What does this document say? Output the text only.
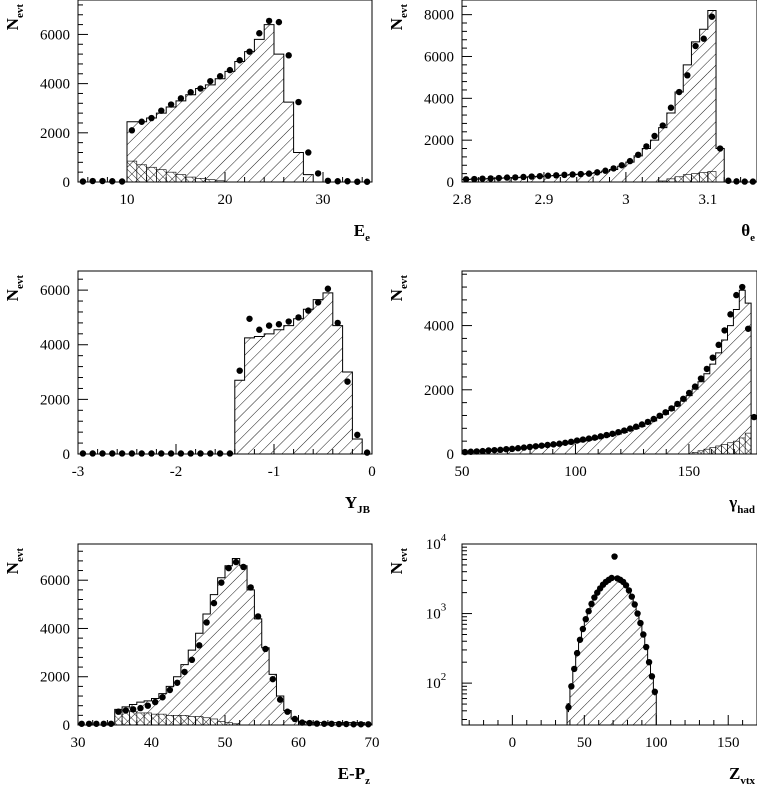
10	20	30
0
2000
4000
6000
$E_e$
$N_{evt}$
2.8	2.9	3	3.1
0
2000
4000
6000
8000
$\theta_e$
$N_{evt}$
-3	-2	-1	0
0
2000
4000
6000
$Y_{JB}$
$N_{evt}$
50	100	150
0
2000
4000
$\gamma_{had}$
$N_{evt}$
30	40	50	60	70
0
2000
4000
6000
$E-P_z$
$N_{evt}$
0	50	100	150
$10^2$
$10^3$
$10^4$
$Z_{vtx}$
$N_{evt}$
